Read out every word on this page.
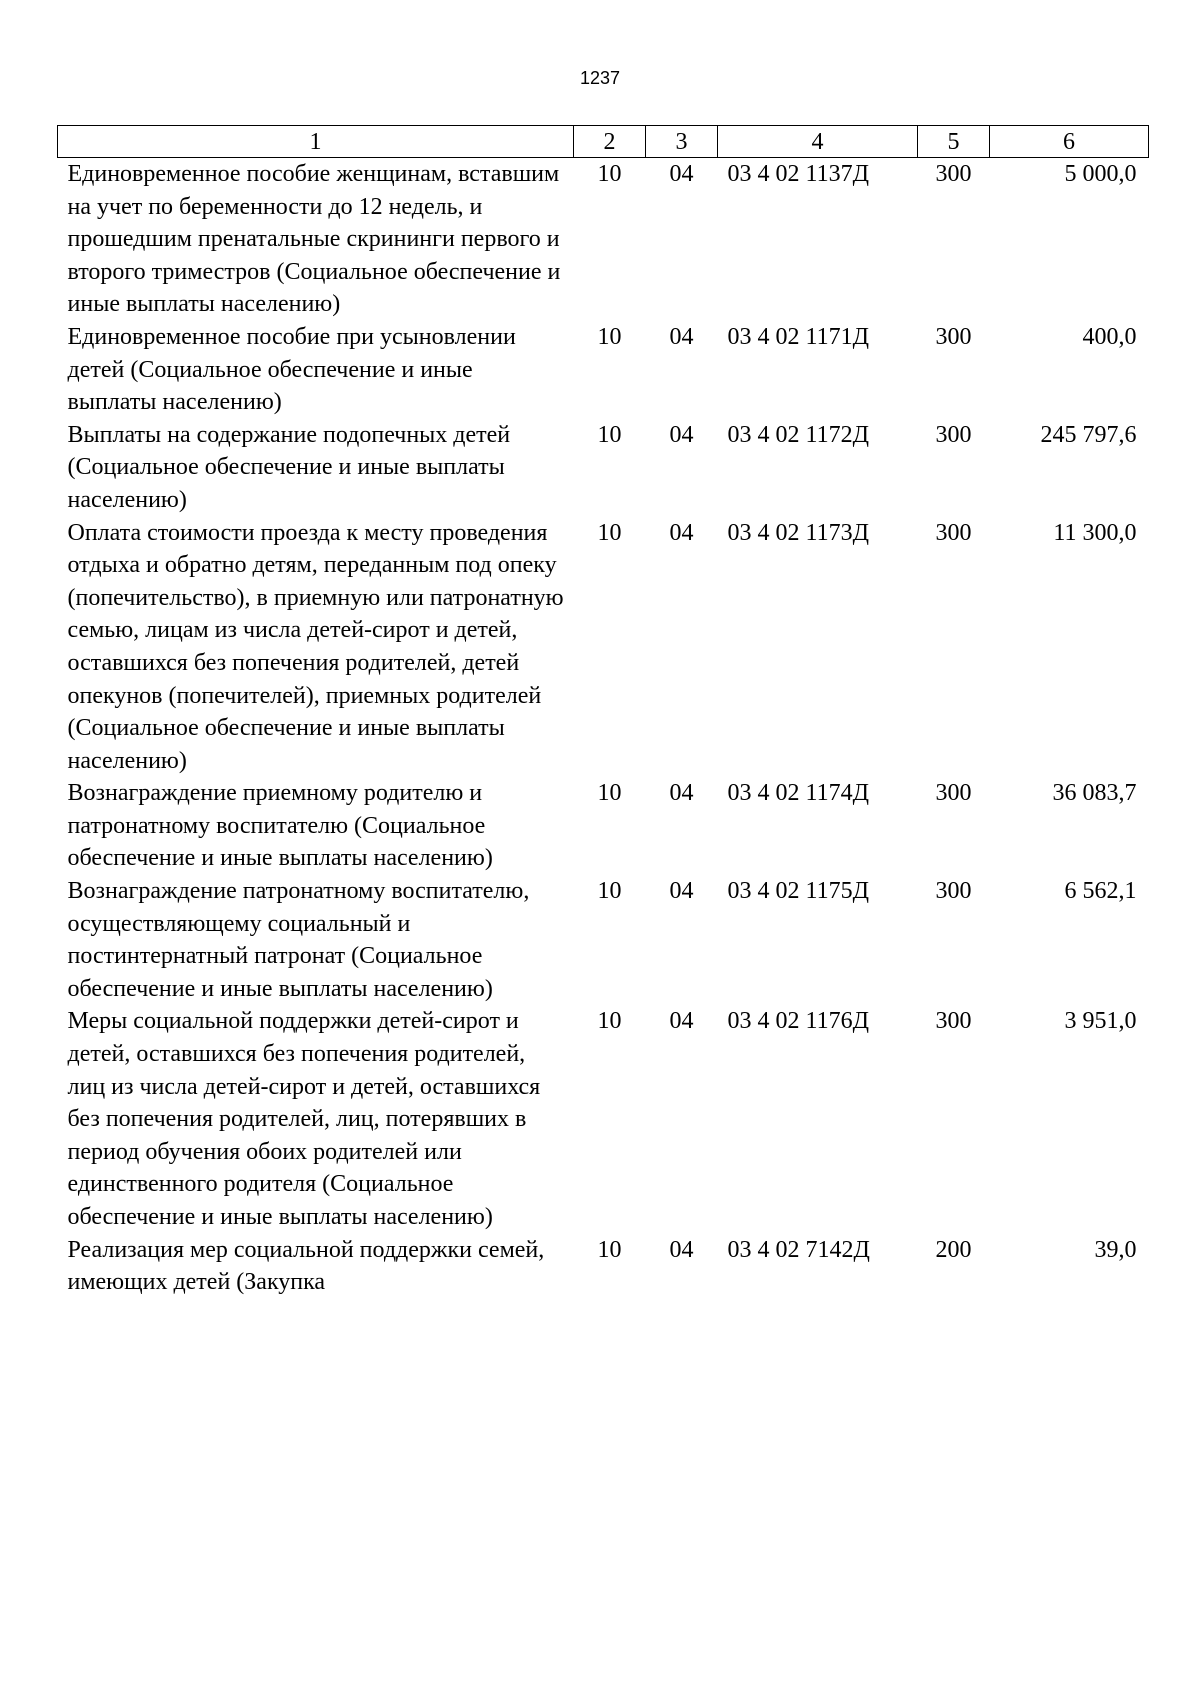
1237
1	2	3	4	5	6
Единовременное пособие женщинам, вставшим на учет по беременности до 12 недель, и прошедшим пренатальные скрининги первого и второго триместров (Социальное обеспечение и иные выплаты населению)	10	04	03 4 02 1137Д	300	5 000,0
Единовременное пособие при усыновлении детей (Социальное обеспечение и иные выплаты населению)	10	04	03 4 02 1171Д	300	400,0
Выплаты на содержание подопечных детей (Социальное обеспечение и иные выплаты населению)	10	04	03 4 02 1172Д	300	245 797,6
Оплата стоимости проезда к месту проведения отдыха и обратно детям, переданным под опеку (попечительство), в приемную или патронатную семью, лицам из числа детей-сирот и детей, оставшихся без попечения родителей, детей опекунов (попечителей), приемных родителей (Социальное обеспечение и иные выплаты населению)	10	04	03 4 02 1173Д	300	11 300,0
Вознаграждение приемному родителю и патронатному воспитателю (Социальное обеспечение и иные выплаты населению)	10	04	03 4 02 1174Д	300	36 083,7
Вознаграждение патронатному воспитателю, осуществляющему социальный и постинтернатный патронат (Социальное обеспечение и иные выплаты населению)	10	04	03 4 02 1175Д	300	6 562,1
Меры социальной поддержки детей-сирот и детей, оставшихся без попечения родителей, лиц из числа детей-сирот и детей, оставшихся без попечения родителей, лиц, потерявших в период обучения обоих родителей или единственного родителя (Социальное обеспечение и иные выплаты населению)	10	04	03 4 02 1176Д	300	3 951,0
Реализация мер социальной поддержки семей, имеющих детей (Закупка	10	04	03 4 02 7142Д	200	39,0
